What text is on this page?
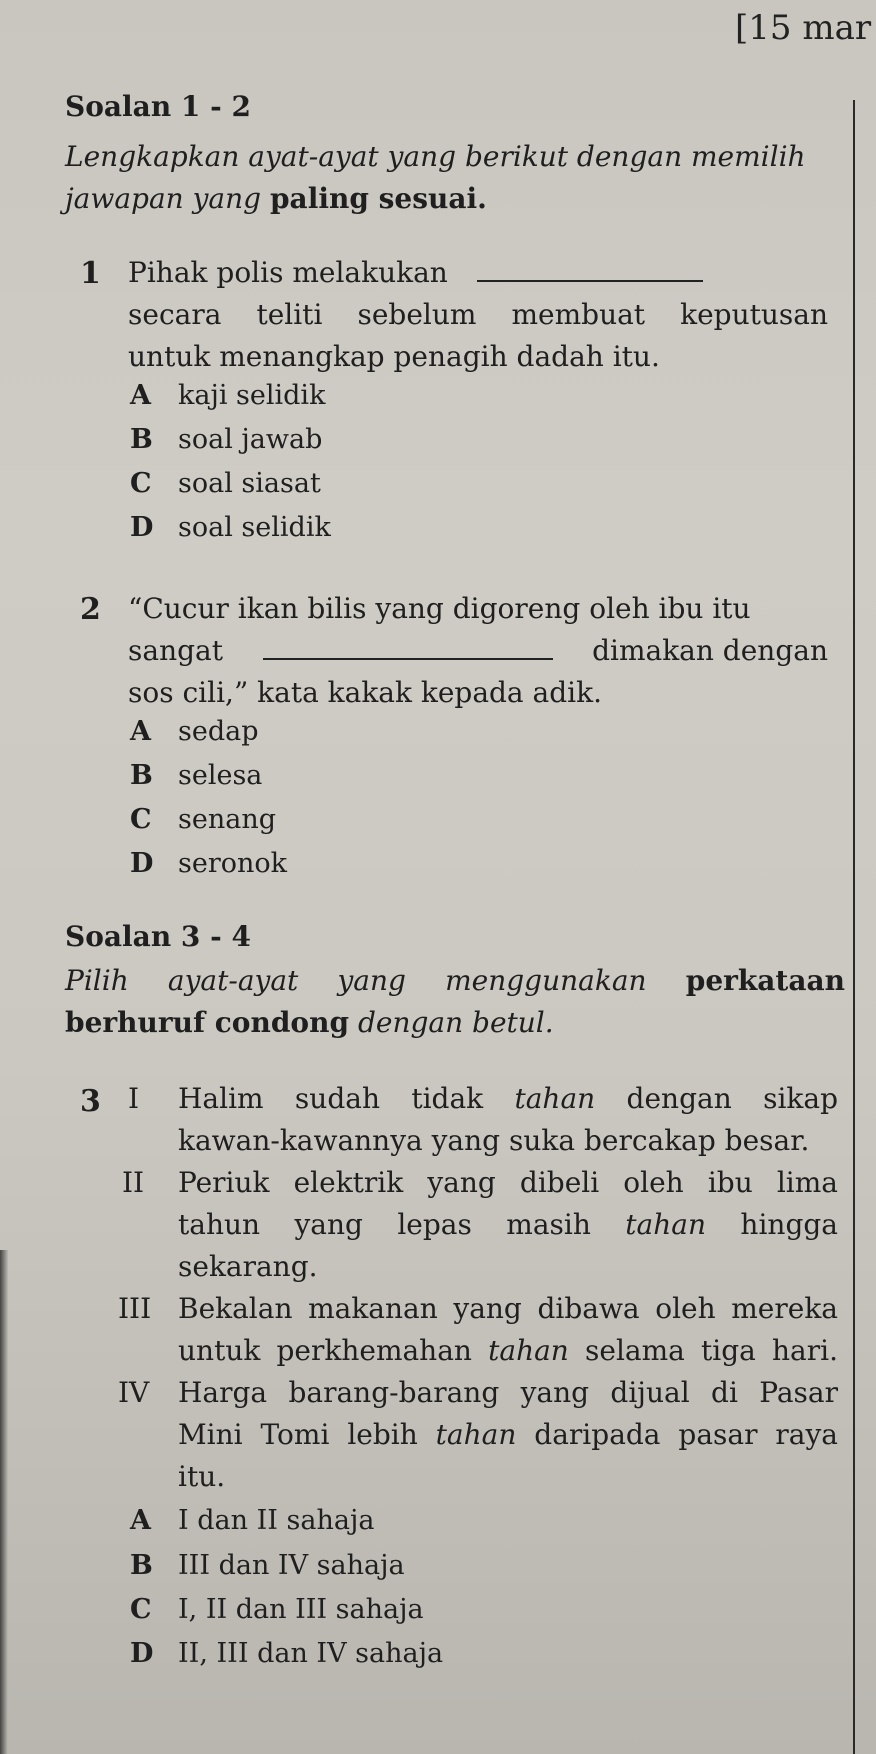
[15 mar
Soalan 1 - 2
Lengkapkan ayat-ayat yang berikut dengan memilih
jawapan yang paling sesuai.
1 Pihak polis melakukan
secara teliti sebelum membuat keputusan
untuk menangkap penagih dadah itu.
A kaji selidik
B soal jawab
C soal siasat
D soal selidik
2 “Cucur ikan bilis yang digoreng oleh ibu itu
sangat	dimakan dengan
sos cili,” kata kakak kepada adik.
A sedap
B selesa
C senang
D seronok
Soalan 3 - 4
Pilih ayat-ayat yang menggunakan perkataan
berhuruf condong dengan betul.
3 I Halim sudah tidak tahan dengan sikap
kawan-kawannya yang suka bercakap besar.
II Periuk elektrik yang dibeli oleh ibu lima
tahun yang lepas masih tahan hingga
sekarang.
III Bekalan makanan yang dibawa oleh mereka
untuk perkhemahan tahan selama tiga hari.
IV Harga barang-barang yang dijual di Pasar
Mini Tomi lebih tahan daripada pasar raya
itu.
A I dan II sahaja
B III dan IV sahaja
C I, II dan III sahaja
D II, III dan IV sahaja
